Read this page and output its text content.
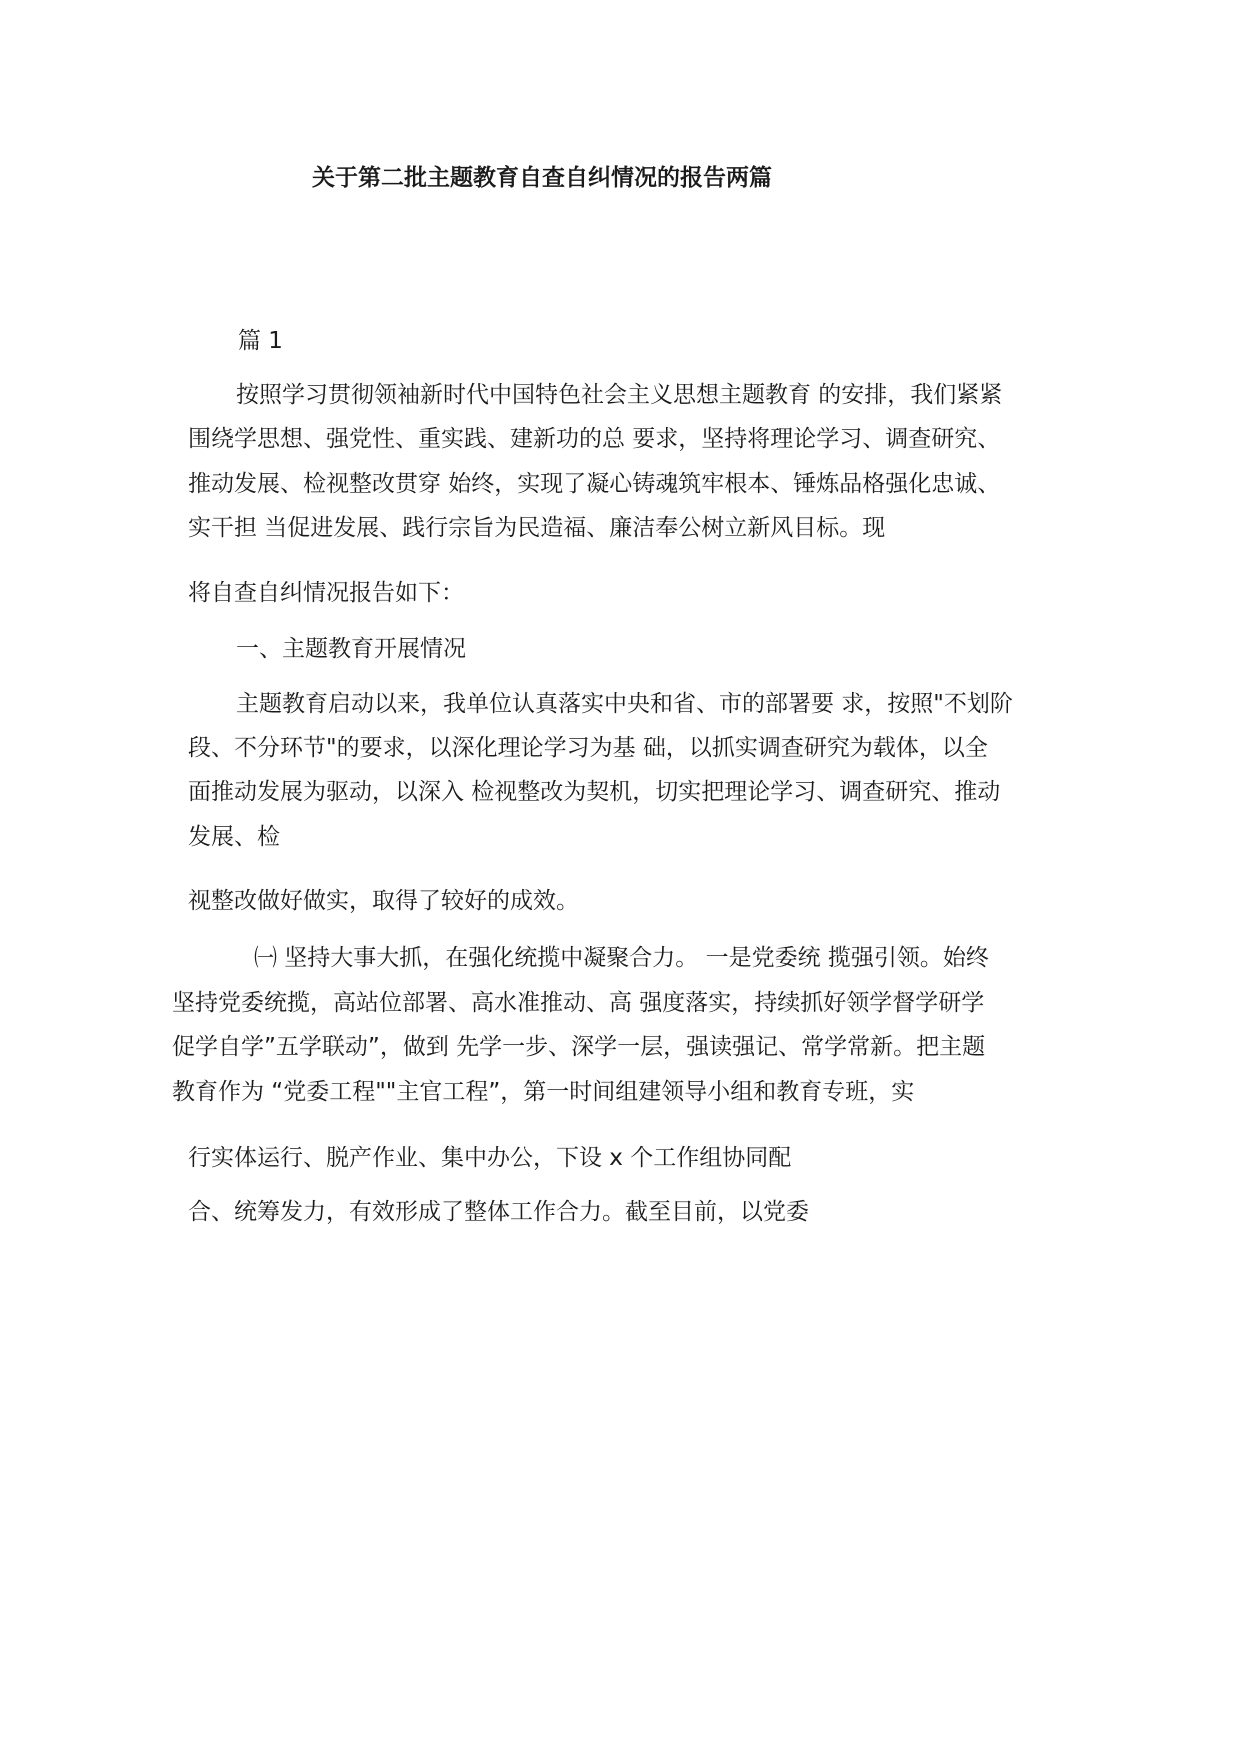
关于第二批主题教育自查自纠情况的报告两篇

篇 1

按照学习贯彻领袖新时代中国特色社会主义思想主题教育 的安排，我们紧紧

围绕学思想、强党性、重实践、建新功的总 要求，坚持将理论学习、调查研究、

推动发展、检视整改贯穿 始终，实现了凝心铸魂筑牢根本、锤炼品格强化忠诚、

实干担 当促进发展、践行宗旨为民造福、廉洁奉公树立新风目标。现

将自查自纠情况报告如下：

一、主题教育开展情况

主题教育启动以来，我单位认真落实中央和省、市的部署要 求，按照"不划阶

段、不分环节"的要求，以深化理论学习为基 础，以抓实调查研究为载体，以全

面推动发展为驱动，以深入 检视整改为契机，切实把理论学习、调查研究、推动

发展、检

视整改做好做实，取得了较好的成效。

㈠ 坚持大事大抓，在强化统揽中凝聚合力。 一是党委统 揽强引领。始终

坚持党委统揽，高站位部署、高水准推动、高 强度落实，持续抓好领学督学研学

促学自学”五学联动”，做到 先学一步、深学一层，强读强记、常学常新。把主题

教育作为 “党委工程""主官工程”，第一时间组建领导小组和教育专班，实

行实体运行、脱产作业、集中办公，下设 x 个工作组协同配

合、统筹发力，有效形成了整体工作合力。截至目前，以党委
